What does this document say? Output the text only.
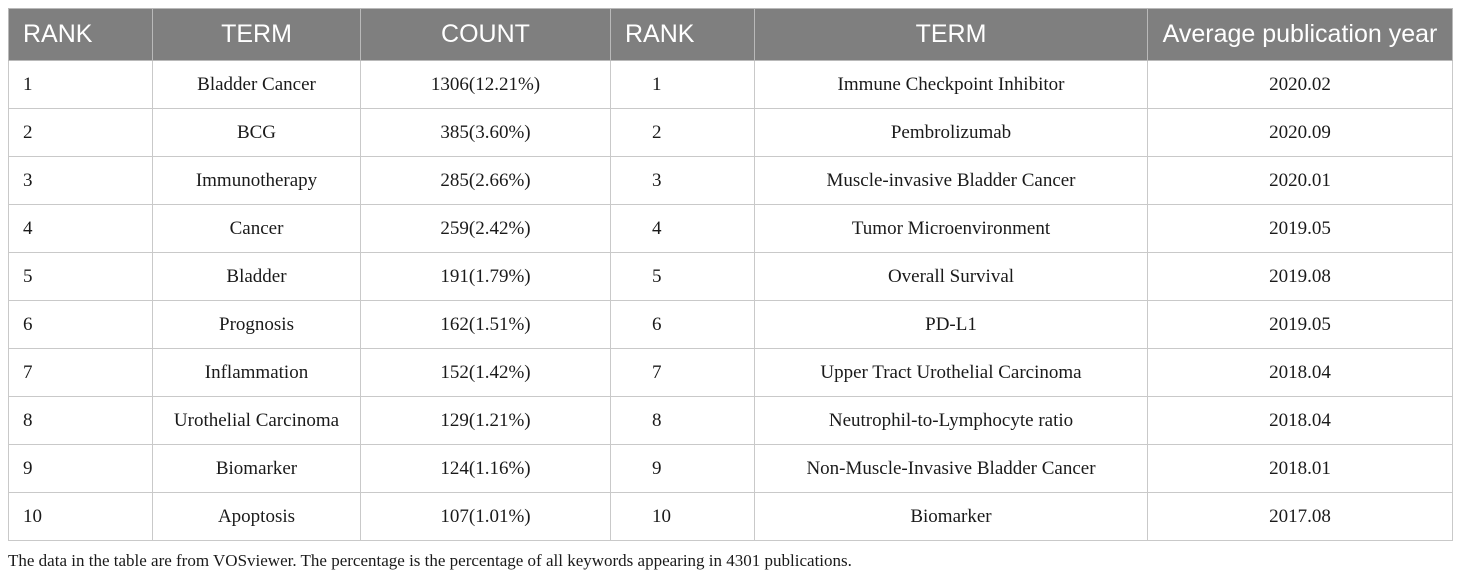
RANK	TERM	COUNT	RANK	TERM	Average publication year
1	Bladder Cancer	1306(12.21%)	1	Immune Checkpoint Inhibitor	2020.02
2	BCG	385(3.60%)	2	Pembrolizumab	2020.09
3	Immunotherapy	285(2.66%)	3	Muscle-invasive Bladder Cancer	2020.01
4	Cancer	259(2.42%)	4	Tumor Microenvironment	2019.05
5	Bladder	191(1.79%)	5	Overall Survival	2019.08
6	Prognosis	162(1.51%)	6	PD-L1	2019.05
7	Inflammation	152(1.42%)	7	Upper Tract Urothelial Carcinoma	2018.04
8	Urothelial Carcinoma	129(1.21%)	8	Neutrophil-to-Lymphocyte ratio	2018.04
9	Biomarker	124(1.16%)	9	Non-Muscle-Invasive Bladder Cancer	2018.01
10	Apoptosis	107(1.01%)	10	Biomarker	2017.08

The data in the table are from VOSviewer. The percentage is the percentage of all keywords appearing in 4301 publications.
